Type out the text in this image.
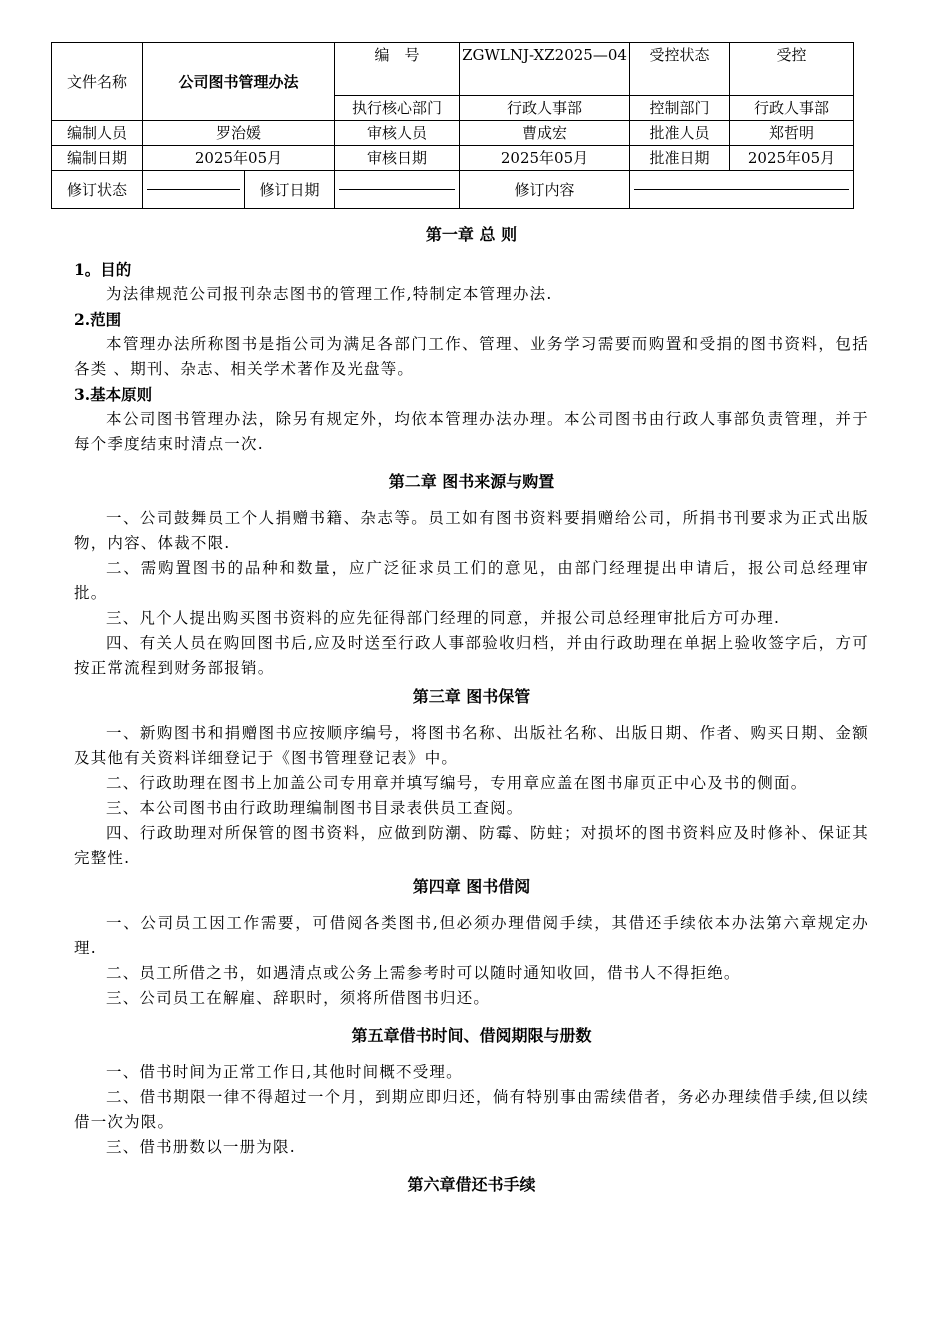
文件名称	公司图书管理办法		编　号	ZGWLNJ-XZ2025—04	受控状态	受控
			执行核心部门	行政人事部	控制部门	行政人事部
编制人员	罗治媛		审核人员	曹成宏	批准人员	郑哲明
编制日期	2025年05月		审核日期	2025年05月	批准日期	2025年05月
修订状态		修订日期		修订内容		

第一章 总 则

1。目的

为法律规范公司报刊杂志图书的管理工作,特制定本管理办法.

2.范围

本管理办法所称图书是指公司为满足各部门工作、管理、业务学习需要而购置和受捐的图书资料，包括各类 、期刊、杂志、相关学术著作及光盘等。

3.基本原则

本公司图书管理办法，除另有规定外，均依本管理办法办理。本公司图书由行政人事部负责管理，并于每个季度结束时清点一次.

第二章 图书来源与购置

一、公司鼓舞员工个人捐赠书籍、杂志等。员工如有图书资料要捐赠给公司，所捐书刊要求为正式出版物，内容、体裁不限.

二、需购置图书的品种和数量，应广泛征求员工们的意见，由部门经理提出申请后，报公司总经理审批。

三、凡个人提出购买图书资料的应先征得部门经理的同意，并报公司总经理审批后方可办理.

四、有关人员在购回图书后,应及时送至行政人事部验收归档，并由行政助理在单据上验收签字后，方可按正常流程到财务部报销。

第三章 图书保管

一、新购图书和捐赠图书应按顺序编号，将图书名称、出版社名称、出版日期、作者、购买日期、金额及其他有关资料详细登记于《图书管理登记表》中。

二、行政助理在图书上加盖公司专用章并填写编号，专用章应盖在图书扉页正中心及书的侧面。

三、本公司图书由行政助理编制图书目录表供员工查阅。

四、行政助理对所保管的图书资料，应做到防潮、防霉、防蛀；对损坏的图书资料应及时修补、保证其完整性.

第四章 图书借阅

一、公司员工因工作需要，可借阅各类图书,但必须办理借阅手续，其借还手续依本办法第六章规定办理.

二、员工所借之书，如遇清点或公务上需参考时可以随时通知收回，借书人不得拒绝。

三、公司员工在解雇、辞职时，须将所借图书归还。

第五章借书时间、借阅期限与册数

一、借书时间为正常工作日,其他时间概不受理。

二、借书期限一律不得超过一个月，到期应即归还，倘有特别事由需续借者，务必办理续借手续,但以续借一次为限。

三、借书册数以一册为限.

第六章借还书手续
